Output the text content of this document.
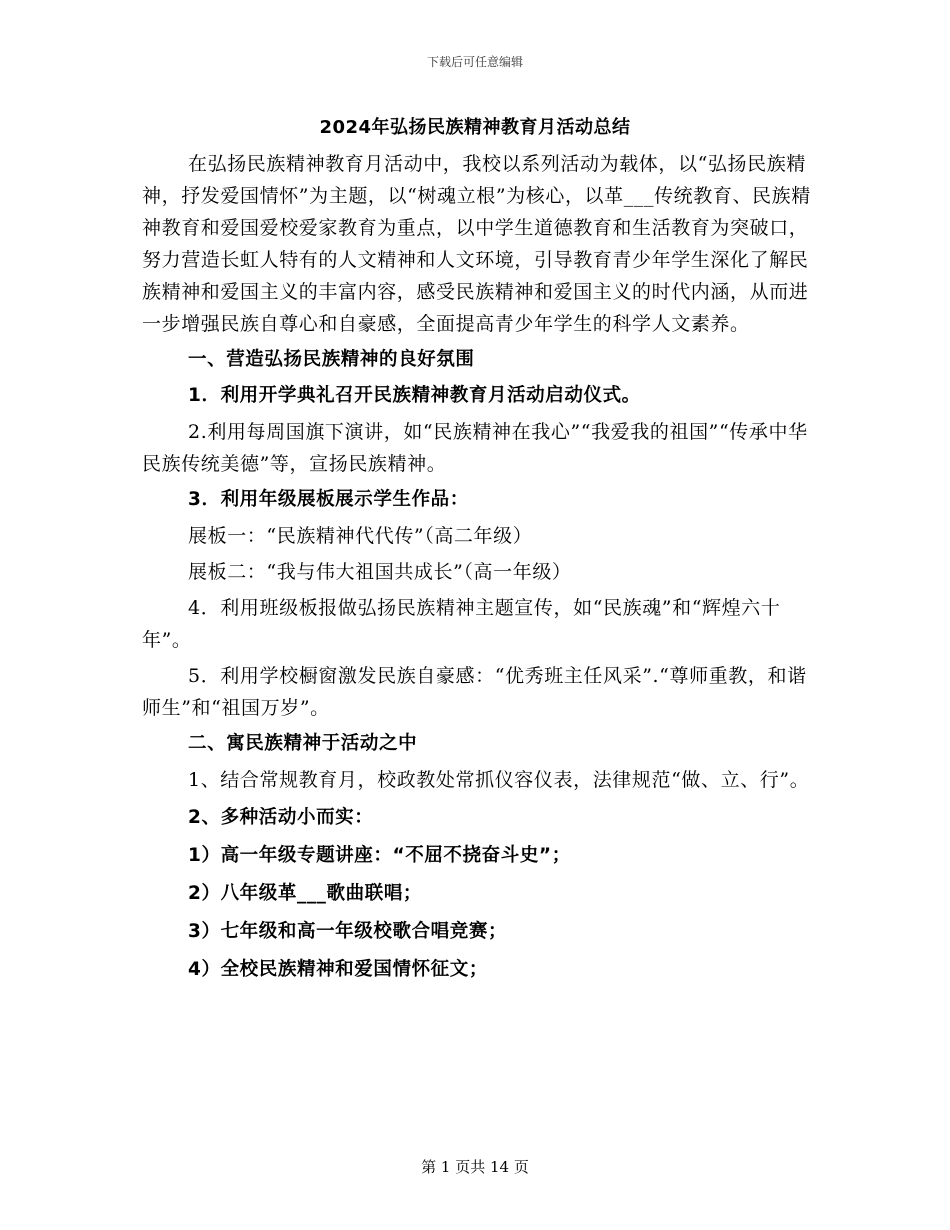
下载后可任意编辑
2024年弘扬民族精神教育月活动总结

在弘扬民族精神教育月活动中，我校以系列活动为载体，以“弘扬民族精神，抒发爱国情怀”为主题，以“树魂立根”为核心，以革___传统教育、民族精神教育和爱国爱校爱家教育为重点，以中学生道德教育和生活教育为突破口，努力营造长虹人特有的人文精神和人文环境，引导教育青少年学生深化了解民族精神和爱国主义的丰富内容，感受民族精神和爱国主义的时代内涵，从而进一步增强民族自尊心和自豪感，全面提高青少年学生的科学人文素养。

一、营造弘扬民族精神的良好氛围

1．利用开学典礼召开民族精神教育月活动启动仪式。

2.利用每周国旗下演讲，如“民族精神在我心”“我爱我的祖国”“传承中华民族传统美德”等，宣扬民族精神。

3．利用年级展板展示学生作品：

展板一：“民族精神代代传”（高二年级）

展板二：“我与伟大祖国共成长”（高一年级）

4．利用班级板报做弘扬民族精神主题宣传，如“民族魂”和“辉煌六十年”。

5．利用学校橱窗激发民族自豪感：“优秀班主任风采”.“尊师重教，和谐师生”和“祖国万岁”。

二、寓民族精神于活动之中

1、结合常规教育月，校政教处常抓仪容仪表，法律规范“做、立、行”。

2、多种活动小而实：

1）高一年级专题讲座：“不屈不挠奋斗史”；

2）八年级革___歌曲联唱；

3）七年级和高一年级校歌合唱竞赛；

4）全校民族精神和爱国情怀征文；

第 1 页共 14 页
